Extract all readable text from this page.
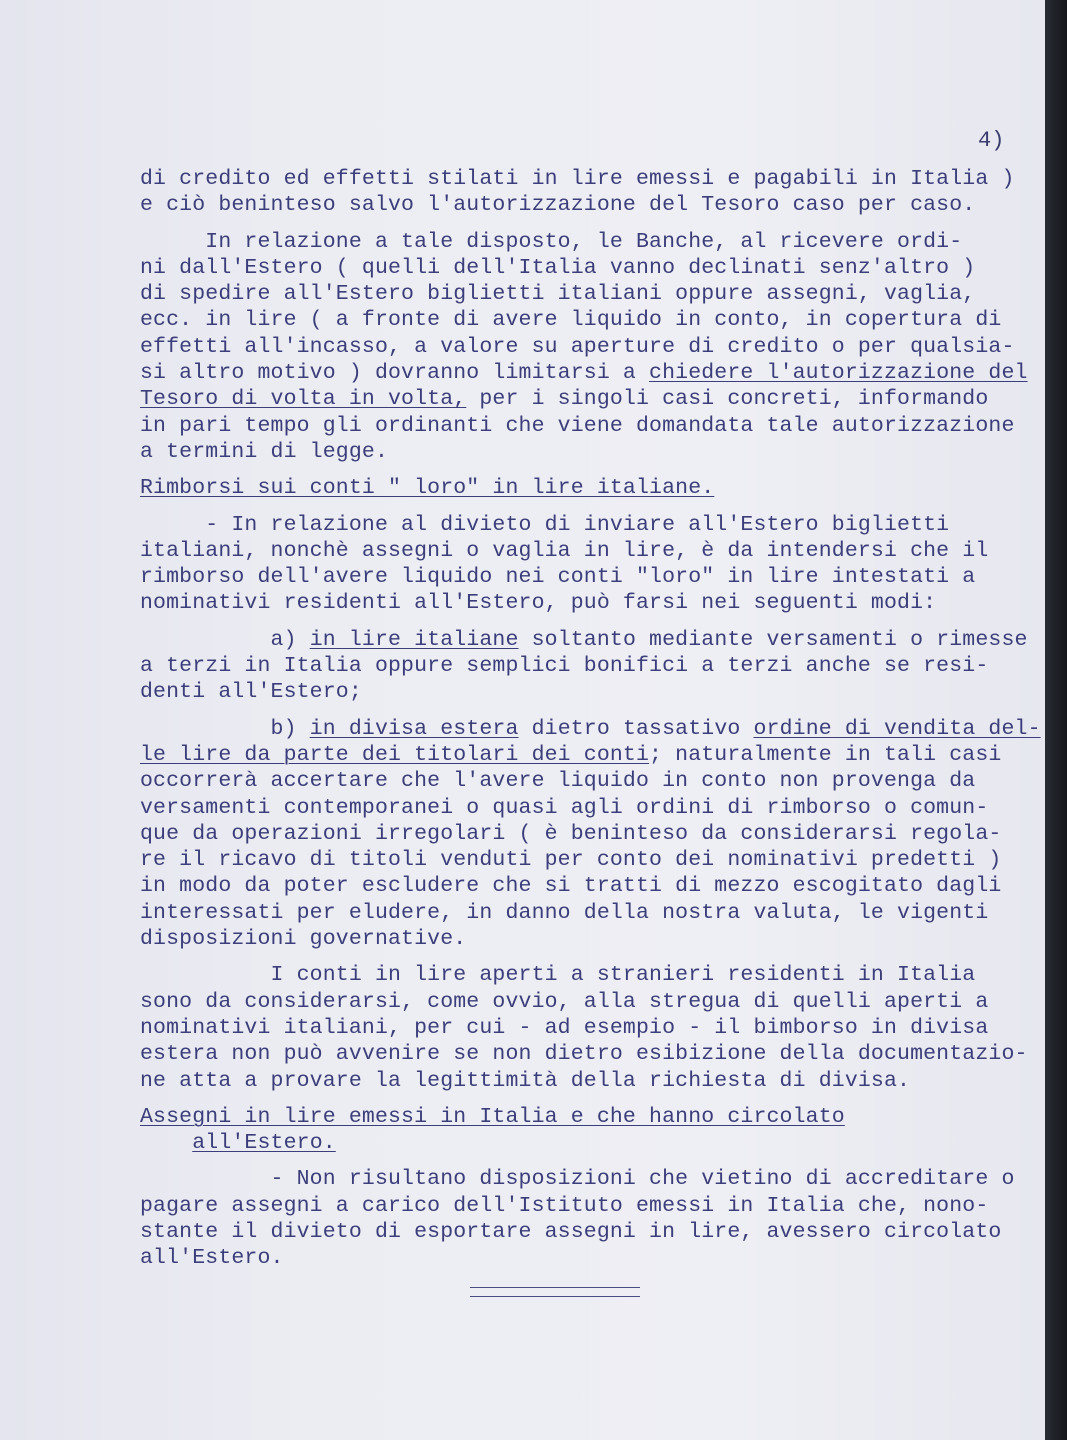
4)
di credito ed effetti stilati in lire emessi e pagabili in Italia )
e ciò beninteso salvo l'autorizzazione del Tesoro caso per caso.
In relazione a tale disposto, le Banche, al ricevere ordi-
ni dall'Estero ( quelli dell'Italia vanno declinati senz'altro )
di spedire all'Estero biglietti italiani oppure assegni, vaglia,
ecc. in lire ( a fronte di avere liquido in conto, in copertura di
effetti all'incasso, a valore su aperture di credito o per qualsia-
si altro motivo ) dovranno limitarsi a chiedere l'autorizzazione del
Tesoro di volta in volta, per i singoli casi concreti, informando
in pari tempo gli ordinanti che viene domandata tale autorizzazione
a termini di legge.
Rimborsi sui conti " loro" in lire italiane.
- In relazione al divieto di inviare all'Estero biglietti
italiani, nonchè assegni o vaglia in lire, è da intendersi che il
rimborso dell'avere liquido nei conti "loro" in lire intestati a
nominativi residenti all'Estero, può farsi nei seguenti modi:
a) in lire italiane soltanto mediante versamenti o rimesse
a terzi in Italia oppure semplici bonifici a terzi anche se resi-
denti all'Estero;
b) in divisa estera dietro tassativo ordine di vendita del-
le lire da parte dei titolari dei conti; naturalmente in tali casi
occorrerà accertare che l'avere liquido in conto non provenga da
versamenti contemporanei o quasi agli ordini di rimborso o comun-
que da operazioni irregolari ( è beninteso da considerarsi regola-
re il ricavo di titoli venduti per conto dei nominativi predetti )
in modo da poter escludere che si tratti di mezzo escogitato dagli
interessati per eludere, in danno della nostra valuta, le vigenti
disposizioni governative.
I conti in lire aperti a stranieri residenti in Italia
sono da considerarsi, come ovvio, alla stregua di quelli aperti a
nominativi italiani, per cui - ad esempio - il bimborso in divisa
estera non può avvenire se non dietro esibizione della documentazio-
ne atta a provare la legittimità della richiesta di divisa.
Assegni in lire emessi in Italia e che hanno circolato
all'Estero.
- Non risultano disposizioni che vietino di accreditare o
pagare assegni a carico dell'Istituto emessi in Italia che, nono-
stante il divieto di esportare assegni in lire, avessero circolato
all'Estero.
